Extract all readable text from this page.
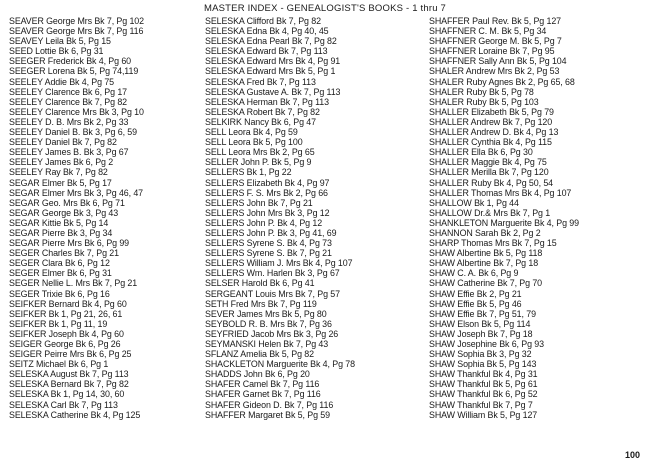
MASTER INDEX - GENEALOGIST'S BOOKS - 1 thru 7
SEAVER George Mrs Bk 7, Pg 102
SEAVER George Mrs Bk 7, Pg 116
SEAVEY Leila Bk 5, Pg 15
SEED Lottie Bk 6, Pg 31
SEEGER Frederick Bk 4, Pg 60
SEEGER Lorena Bk 5, Pg 74,119
SEELEY Addie Bk 4, Pg 75
SEELEY Clarence Bk 6, Pg 17
SEELEY Clarence Bk 7, Pg 82
SEELEY Clarence Mrs Bk 3, Pg 10
SEELEY D. B. Mrs Bk 2, Pg 33
SEELEY Daniel B. Bk 3, Pg 6, 59
SEELEY Daniel Bk 7, Pg 82
SEELEY James B. Bk 3, Pg 67
SEELEY James Bk 6, Pg 2
SEELEY Ray Bk 7, Pg 82
SEGAR Elmer Bk 5, Pg 17
SEGAR Elmer Mrs Bk 3, Pg 46, 47
SEGAR Geo. Mrs Bk 6, Pg 71
SEGAR George Bk 3, Pg 43
SEGAR Kittie Bk 5, Pg 14
SEGAR Pierre Bk 3, Pg 34
SEGAR Pierre Mrs Bk 6, Pg 99
SEGER Charles Bk 7, Pg 21
SEGER Clara Bk 6, Pg 12
SEGER Elmer Bk 6, Pg 31
SEGER Nellie L. Mrs Bk 7, Pg 21
SEGER Trixie Bk 6, Pg 16
SEIFKER Bernard Bk 4, Pg 60
SEIFKER Bk 1, Pg 21, 26, 61
SEIFKER Bk 1, Pg 11, 19
SEIFKER Joseph Bk 4, Pg 60
SEIGER George Bk 6, Pg 26
SEIGER Peirre Mrs Bk 6, Pg 25
SEITZ Michael Bk 6, Pg 1
SELESKA August Bk 7, Pg 113
SELESKA Bernard Bk 7, Pg 82
SELESKA Bk 1, Pg 14, 30, 60
SELESKA Carl Bk 7, Pg 113
SELESKA Catherine Bk 4, Pg 125
SELESKA Clifford Bk 7, Pg 82
SELESKA Edna Bk 4, Pg 40, 45
SELESKA Edna Pearl Bk 7, Pg 82
SELESKA Edward Bk 7, Pg 113
SELESKA Edward Mrs Bk 4, Pg 91
SELESKA Edward Mrs Bk 5, Pg 1
SELESKA Fred Bk 7, Pg 113
SELESKA Gustave A. Bk 7, Pg 113
SELESKA Herman Bk 7, Pg 113
SELESKA Robert Bk 7, Pg 82
SELKIRK Nancy Bk 6, Pg 47
SELL Leora Bk 4, Pg 59
SELL Leora Bk 5, Pg 100
SELL Leora Mrs Bk 2, Pg 65
SELLER John P. Bk 5, Pg 9
SELLERS Bk 1, Pg 22
SELLERS Elizabeth Bk 4, Pg 97
SELLERS F. S. Mrs Bk 2, Pg 66
SELLERS John Bk 7, Pg 21
SELLERS John Mrs Bk 3, Pg 12
SELLERS John P. Bk 4, Pg 12
SELLERS John P. Bk 3, Pg 41, 69
SELLERS Syrene S. Bk 4, Pg 73
SELLERS Syrene S. Bk 7, Pg 21
SELLERS William J. Mrs Bk 4, Pg 107
SELLERS Wm. Harlen Bk 3, Pg 67
SELSER Harold Bk 6, Pg 41
SERGEANT Louis Mrs Bk 7, Pg 57
SETH Fred Mrs Bk 7, Pg 119
SEVER James Mrs Bk 5, Pg 80
SEYBOLD R. B. Mrs Bk 7, Pg 36
SEYFRIED Jacob Mrs Bk 3, Pg 26
SEYMANSKI Helen Bk 7, Pg 43
SFLANZ Amelia Bk 5, Pg 82
SHACKLETON Marguerite Bk 4, Pg 78
SHADDS John Bk 6, Pg 20
SHAFER Camel Bk 7, Pg 116
SHAFER Garnet Bk 7, Pg 116
SHAFER Gideon D. Bk 7, Pg 116
SHAFFER Margaret Bk 5, Pg 59
SHAFFER Paul Rev. Bk 5, Pg 127
SHAFFNER C. M. Bk 5, Pg 34
SHAFFNER George M. Bk 5, Pg 7
SHAFFNER Loraine Bk 7, Pg 95
SHAFFNER Sally Ann Bk 5, Pg 104
SHALER Andrew Mrs Bk 2, Pg 53
SHALER Ruby Agnes Bk 2, Pg 65, 68
SHALER Ruby Bk 5, Pg 78
SHALER Ruby Bk 5, Pg 103
SHALLER Elizabeth Bk 5, Pg 79
SHALLER Andrew Bk 7, Pg 120
SHALLER Andrew D. Bk 4, Pg 13
SHALLER Cynthia Bk 4, Pg 115
SHALLER Ella Bk 6, Pg 30
SHALLER Maggie Bk 4, Pg 75
SHALLER Merilla Bk 7, Pg 120
SHALLER Ruby Bk 4, Pg 50, 54
SHALLER Thomas Mrs Bk 4, Pg 107
SHALLOW Bk 1, Pg 44
SHALLOW Dr.& Mrs Bk 7, Pg 1
SHANKLETON Marguerite Bk 4, Pg 99
SHANNON Sarah Bk 2, Pg 2
SHARP Thomas Mrs Bk 7, Pg 15
SHAW Albertine Bk 5, Pg 118
SHAW Albertine Bk 7, Pg 18
SHAW C. A. Bk 6, Pg 9
SHAW Catherine Bk 7, Pg 70
SHAW Effie Bk 2, Pg 21
SHAW Effie Bk 5, Pg 46
SHAW Effie Bk 7, Pg 51, 79
SHAW Elson Bk 5, Pg 114
SHAW Joseph Bk 7, Pg 18
SHAW Josephine Bk 6, Pg 93
SHAW Sophia Bk 3, Pg 32
SHAW Sophia Bk 5, Pg 143
SHAW Thankful Bk 4, Pg 31
SHAW Thankful Bk 5, Pg 61
SHAW Thankful Bk 6, Pg 52
SHAW Thankful Bk 7, Pg 7
SHAW William Bk 5, Pg 127
100
